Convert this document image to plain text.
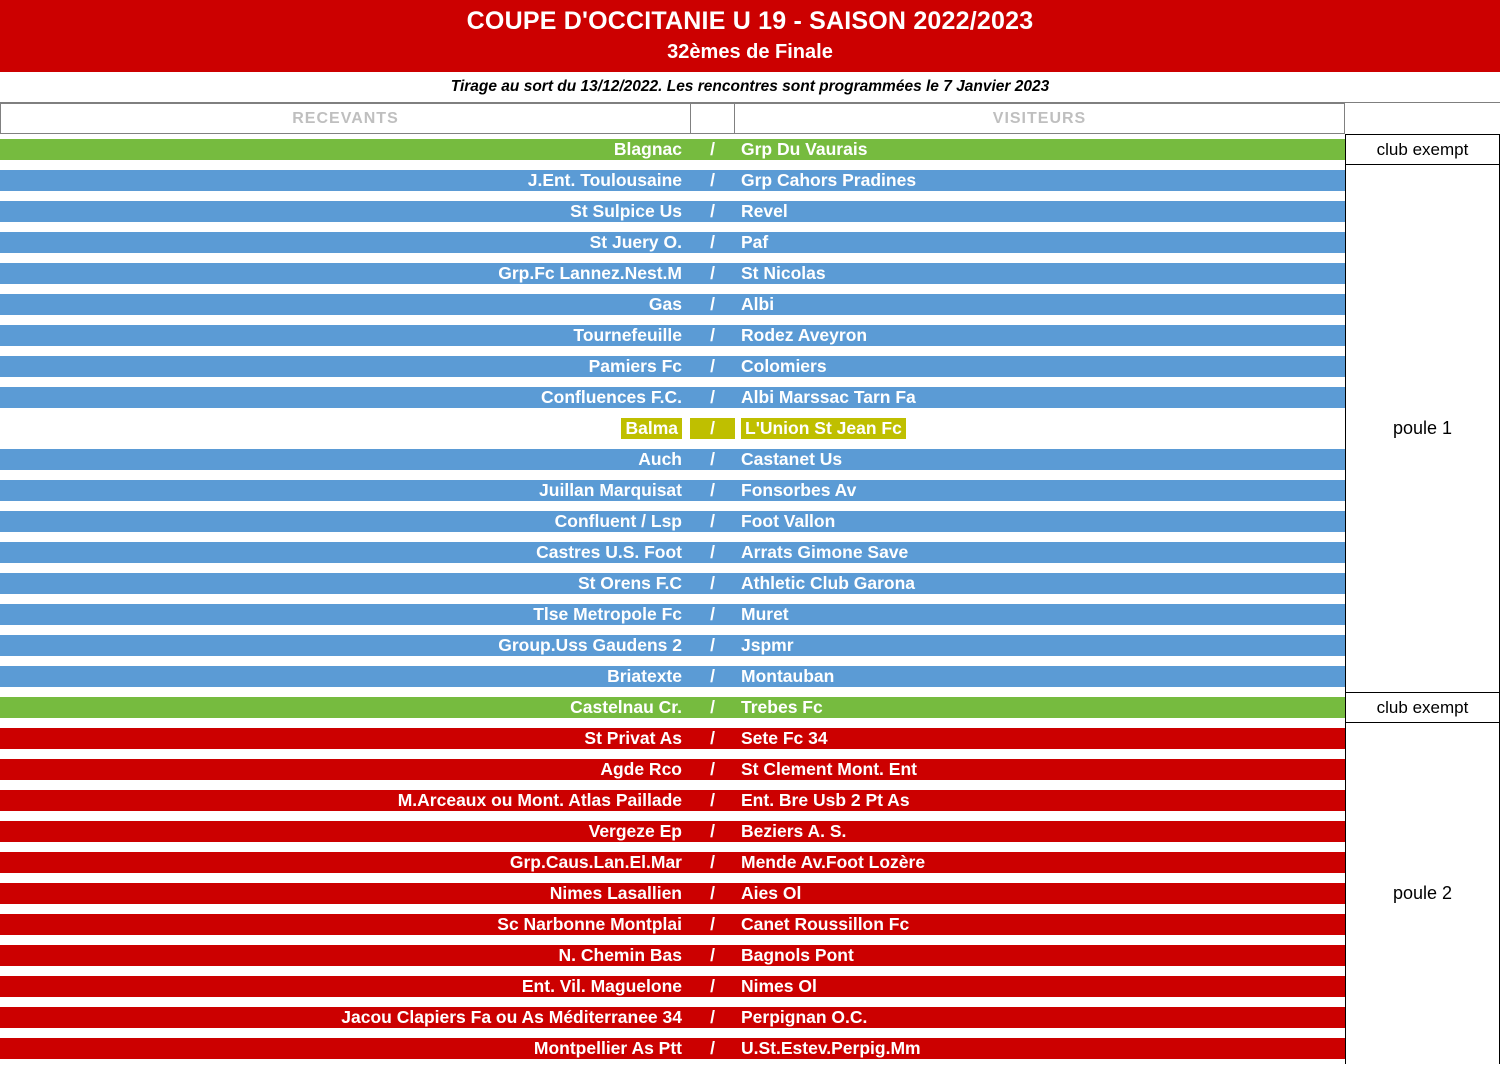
COUPE D'OCCITANIE U 19 - SAISON 2022/2023
32èmes de Finale
Tirage au sort du 13/12/2022. Les rencontres sont programmées le 7 Janvier 2023
RECEVANTS	VISITEURS
Blagnac	/	Grp Du Vaurais	club exempt
J.Ent. Toulousaine	/	Grp Cahors Pradines
St Sulpice Us	/	Revel
St Juery O.	/	Paf
Grp.Fc Lannez.Nest.M	/	St Nicolas
Gas	/	Albi
Tournefeuille	/	Rodez Aveyron
Pamiers Fc	/	Colomiers
Confluences F.C.	/	Albi Marssac Tarn Fa
Balma	/	L'Union St Jean Fc
Auch	/	Castanet Us
Juillan Marquisat	/	Fonsorbes Av
Confluent / Lsp	/	Foot Vallon
Castres U.S. Foot	/	Arrats Gimone Save
St Orens F.C	/	Athletic Club Garona
Tlse Metropole Fc	/	Muret
Group.Uss Gaudens 2	/	Jspmr
Briatexte	/	Montauban
Castelnau Cr.	/	Trebes Fc	club exempt
St Privat As	/	Sete Fc 34
Agde Rco	/	St Clement Mont. Ent
M.Arceaux ou Mont. Atlas Paillade	/	Ent. Bre Usb 2 Pt As
Vergeze Ep	/	Beziers A. S.
Grp.Caus.Lan.El.Mar	/	Mende Av.Foot Lozère
Nimes Lasallien	/	Aies Ol
Sc Narbonne Montplai	/	Canet Roussillon Fc
N. Chemin Bas	/	Bagnols Pont
Ent. Vil. Maguelone	/	Nimes Ol
Jacou Clapiers Fa ou As Méditerranee 34	/	Perpignan O.C.
Montpellier As Ptt	/	U.St.Estev.Perpig.Mm
poule 1
poule 2
